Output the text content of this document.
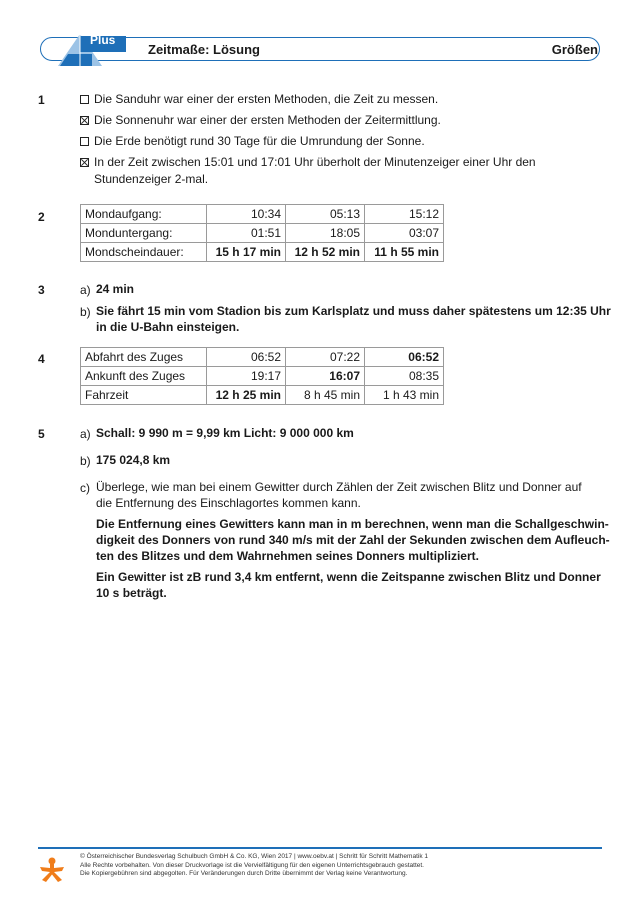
Plus
Zeitmaße: Lösung	Größen
1	Die Sanduhr war einer der ersten Methoden, die Zeit zu messen.
Die Sonnenuhr war einer der ersten Methoden der Zeitermittlung.
Die Erde benötigt rund 30 Tage für die Umrundung der Sonne.
In der Zeit zwischen 15:01 und 17:01 Uhr überholt der Minutenzeiger einer Uhr den
Stundenzeiger 2-mal.
2	Mondaufgang:	10:34	05:13	15:12
Monduntergang:	01:51	18:05	03:07
Mondscheindauer:	15 h 17 min	12 h 52 min	11 h 55 min
3	a) 24 min
b) Sie fährt 15 min vom Stadion bis zum Karlsplatz und muss daher spätestens um 12:35 Uhr
in die U-Bahn einsteigen.
4	Abfahrt des Zuges	06:52	07:22	06:52
Ankunft des Zuges	19:17	16:07	08:35
Fahrzeit	12 h 25 min	8 h 45 min	1 h 43 min
5	a) Schall: 9 990 m = 9,99 km Licht: 9 000 000 km
b) 175 024,8 km
c) Überlege, wie man bei einem Gewitter durch Zählen der Zeit zwischen Blitz und Donner auf
die Entfernung des Einschlagortes kommen kann.
Die Entfernung eines Gewitters kann man in m berechnen, wenn man die Schallgeschwin-
digkeit des Donners von rund 340 m/s mit der Zahl der Sekunden zwischen dem Aufleuch-
ten des Blitzes und dem Wahrnehmen seines Donners multipliziert.
Ein Gewitter ist zB rund 3,4 km entfernt, wenn die Zeitspanne zwischen Blitz und Donner
10 s beträgt.
© Österreichischer Bundesverlag Schulbuch GmbH & Co. KG, Wien 2017 | www.oebv.at | Schritt für Schritt Mathematik 1
Alle Rechte vorbehalten. Von dieser Druckvorlage ist die Vervielfältigung für den eigenen Unterrichtsgebrauch gestattet.
Die Kopiergebühren sind abgegolten. Für Veränderungen durch Dritte übernimmt der Verlag keine Verantwortung.
